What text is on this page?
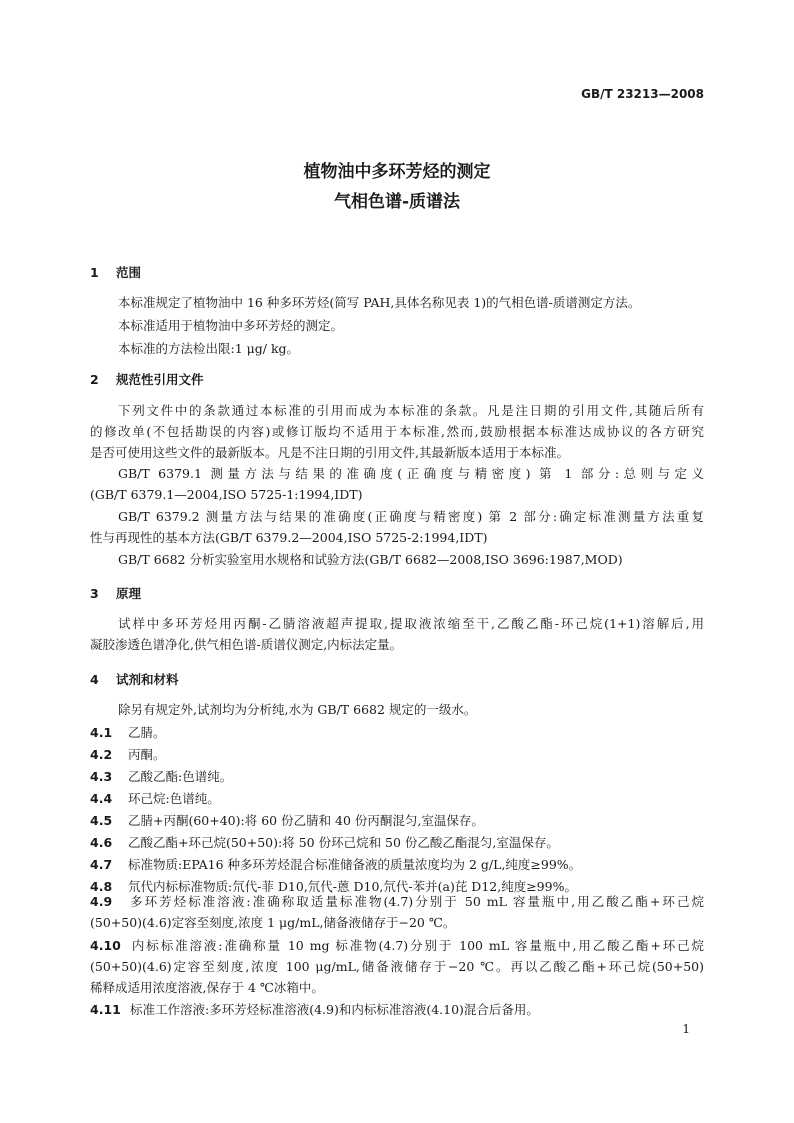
GB/T 23213—2008
植物油中多环芳烃的测定
气相色谱-质谱法
1 范围
本标准规定了植物油中 16 种多环芳烃(简写 PAH,具体名称见表 1)的气相色谱-质谱测定方法。
本标准适用于植物油中多环芳烃的测定。
本标准的方法检出限:1 μg/ kg。
2 规范性引用文件
下列文件中的条款通过本标准的引用而成为本标准的条款。凡是注日期的引用文件,其随后所有
的修改单(不包括勘误的内容)或修订版均不适用于本标准,然而,鼓励根据本标准达成协议的各方研究
是否可使用这些文件的最新版本。凡是不注日期的引用文件,其最新版本适用于本标准。
GB/T 6379.1 测量方法与结果的准确度(正确度与精密度) 第 1 部分:总则与定义
(GB/T 6379.1—2004,ISO 5725-1:1994,IDT)
GB/T 6379.2 测量方法与结果的准确度(正确度与精密度) 第 2 部分:确定标准测量方法重复
性与再现性的基本方法(GB/T 6379.2—2004,ISO 5725-2:1994,IDT)
GB/T 6682 分析实验室用水规格和试验方法(GB/T 6682—2008,ISO 3696:1987,MOD)
3 原理
试样中多环芳烃用丙酮-乙腈溶液超声提取,提取液浓缩至干,乙酸乙酯-环己烷(1+1)溶解后,用
凝胶渗透色谱净化,供气相色谱-质谱仪测定,内标法定量。
4 试剂和材料
除另有规定外,试剂均为分析纯,水为 GB/T 6682 规定的一级水。
4.1 乙腈。
4.2 丙酮。
4.3 乙酸乙酯:色谱纯。
4.4 环己烷:色谱纯。
4.5 乙腈+丙酮(60+40):将 60 份乙腈和 40 份丙酮混匀,室温保存。
4.6 乙酸乙酯+环己烷(50+50):将 50 份环己烷和 50 份乙酸乙酯混匀,室温保存。
4.7 标准物质:EPA16 种多环芳烃混合标准储备液的质量浓度均为 2 g/L,纯度≥99%。
4.8 氘代内标标准物质:氘代-菲 D10,氘代-蒽 D10,氘代-苯并(a)芘 D12,纯度≥99%。
4.9 多环芳烃标准溶液:准确称取适量标准物(4.7)分别于 50 mL 容量瓶中,用乙酸乙酯+环己烷
(50+50)(4.6)定容至刻度,浓度 1 μg/mL,储备液储存于−20 ℃。
4.10 内标标准溶液:准确称量 10 mg 标准物(4.7)分别于 100 mL 容量瓶中,用乙酸乙酯+环己烷
(50+50)(4.6)定容至刻度,浓度 100 μg/mL,储备液储存于−20 ℃。再以乙酸乙酯+环己烷(50+50)
稀释成适用浓度溶液,保存于 4 ℃冰箱中。
4.11 标准工作溶液:多环芳烃标准溶液(4.9)和内标标准溶液(4.10)混合后备用。
1
